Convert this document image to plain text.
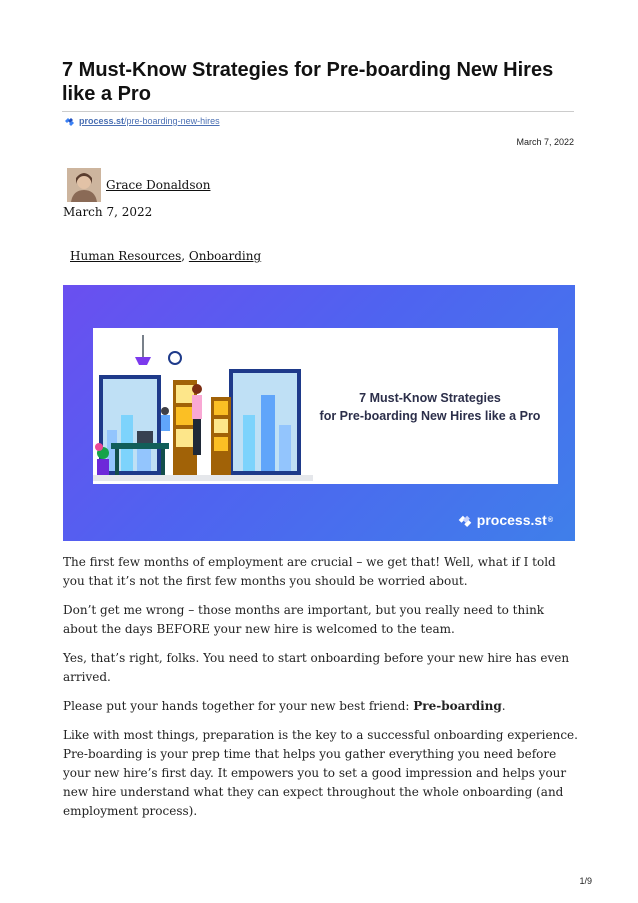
7 Must-Know Strategies for Pre-boarding New Hires like a Pro
process.st /pre-boarding-new-hires
March 7, 2022
Grace Donaldson
March 7, 2022
Human Resources, Onboarding
7 Must-Know Strategies
for Pre-boarding New Hires like a Pro
process.st ®

The first few months of employment are crucial – we get that! Well, what if I told you that it’s not the first few months you should be worried about.

Don’t get me wrong – those months are important, but you really need to think about the days BEFORE your new hire is welcomed to the team.

Yes, that’s right, folks. You need to start onboarding before your new hire has even arrived.

Please put your hands together for your new best friend: Pre-boarding.

Like with most things, preparation is the key to a successful onboarding experience. Pre-boarding is your prep time that helps you gather everything you need before your new hire’s first day. It empowers you to set a good impression and helps your new hire understand what they can expect throughout the whole onboarding (and employment process).

1/9
